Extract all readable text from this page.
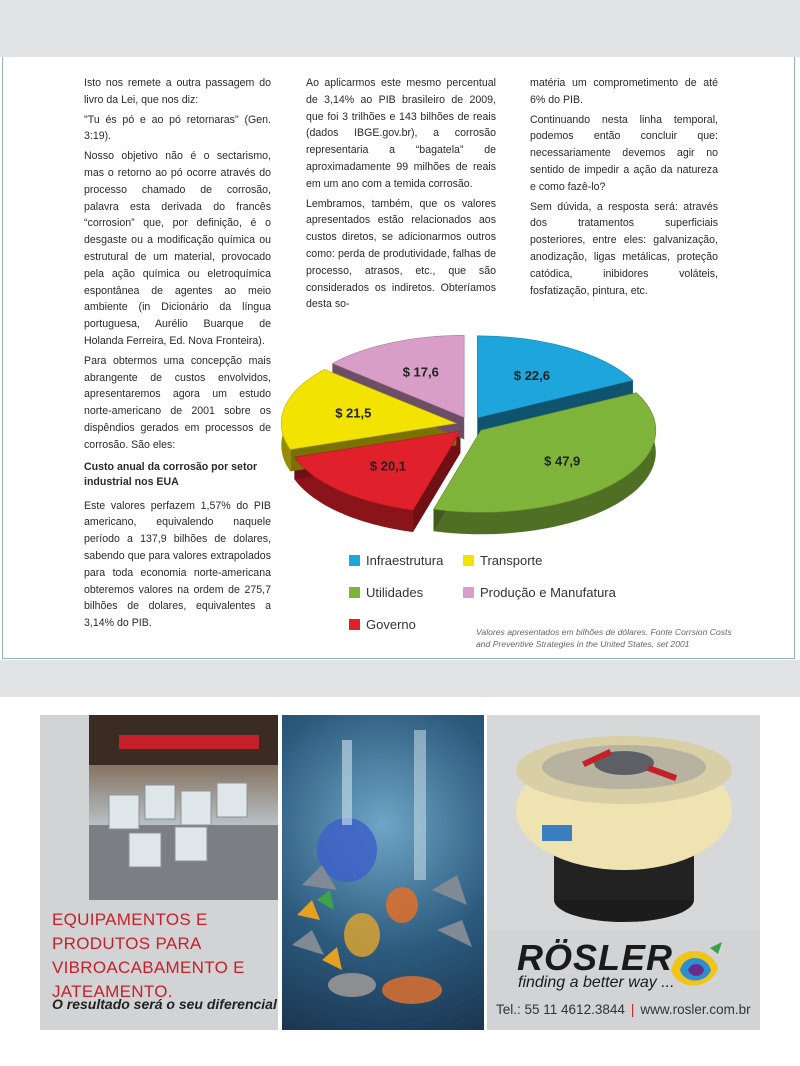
Isto nos remete a outra passagem do livro da Lei, que nos diz:

"Tu és pó e ao pó retornaras" (Gen. 3:19).

Nosso objetivo não é o sectarismo, mas o retorno ao pó ocorre através do processo chamado de corrosão, palavra esta derivada do francês “corrosion” que, por definição, é o desgaste ou a modificação química ou estrutural de um material, provocado pela ação química ou eletroquímica espontânea de agentes ao meio ambiente (in Dicionário da língua portuguesa, Aurélio Buarque de Holanda Ferreira, Ed. Nova Fronteira).

Para obtermos uma concepção mais abrangente de custos envolvidos, apresentaremos agora um estudo norte-americano de 2001 sobre os dispêndios gerados em processos de corrosão. São eles:

Custo anual da corrosão por setor industrial nos EUA

Este valores perfazem 1,57% do PIB americano, equivalendo naquele período a 137,9 bilhões de dolares, sabendo que para valores extrapolados para toda economia norte-americana obteremos valores na ordem de 275,7 bilhões de dolares, equivalentes a 3,14% do PIB.

Ao aplicarmos este mesmo percentual de 3,14% ao PIB brasileiro de 2009, que foi 3 trilhões e 143 bilhões de reais (dados IBGE.gov.br), a corrosão representaria a “bagatela” de aproximadamente 99 milhões de reais em um ano com a temida corrosão.

Lembramos, também, que os valores apresentados estão relacionados aos custos diretos, se adicionarmos outros como: perda de produtividade, falhas de processo, atrasos, etc., que são considerados os indiretos. Obteríamos desta so-

matéria um comprometimento de até 6% do PIB.

Continuando nesta linha temporal, podemos então concluir que: necessariamente devemos agir no sentido de impedir a ação da natureza e como fazê-lo?

Sem dúvida, a resposta será: através dos tratamentos superficiais posteriores, entre eles: galvanização, anodização, ligas metálicas, proteção catódica, inibidores voláteis, fosfatização, pintura, etc.

$ 22,6
$ 47,9
$ 20,1
$ 21,5
$ 17,6
Infraestrutura	Transporte
Utilidades	Produção e Manufatura
Governo	Valores apresentados em bilhões de dólares. Fonte Corrsion Costs and Preventive Strategies in the United States, set 2001
EQUIPAMENTOS E PRODUTOS PARA VIBROACABAMENTO E JATEAMENTO.
O resultado será o seu diferencial
RÖSLER
finding a better way ...
Tel.: 55 11 4612.3844 | www.rosler.com.br
